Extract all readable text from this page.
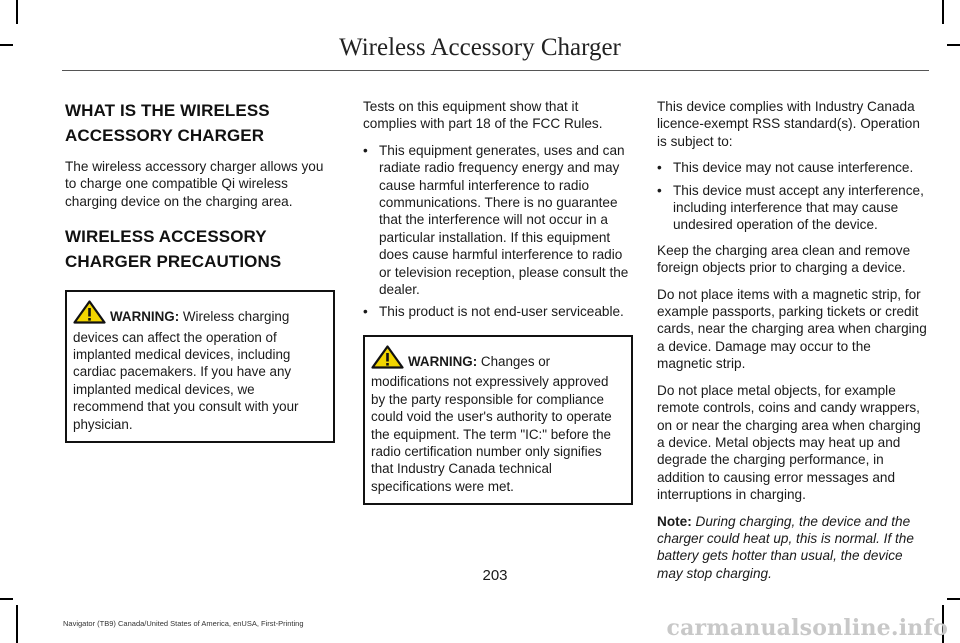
Wireless Accessory Charger
WHAT IS THE WIRELESS ACCESSORY CHARGER

The wireless accessory charger allows you to charge one compatible Qi wireless charging device on the charging area.

WIRELESS ACCESSORY CHARGER PRECAUTIONS
WARNING: Wireless charging devices can affect the operation of implanted medical devices, including cardiac pacemakers. If you have any implanted medical devices, we recommend that you consult with your physician.

Tests on this equipment show that it complies with part 18 of the FCC Rules.

• This equipment generates, uses and can radiate radio frequency energy and may cause harmful interference to radio communications. There is no guarantee that the interference will not occur in a particular installation. If this equipment does cause harmful interference to radio or television reception, please consult the dealer.
• This product is not end-user serviceable.
WARNING: Changes or modifications not expressively approved by the party responsible for compliance could void the user's authority to operate the equipment. The term "IC:" before the radio certification number only signifies that Industry Canada technical specifications were met.

This device complies with Industry Canada licence-exempt RSS standard(s). Operation is subject to:

• This device may not cause interference.
• This device must accept any interference, including interference that may cause undesired operation of the device.

Keep the charging area clean and remove foreign objects prior to charging a device.

Do not place items with a magnetic strip, for example passports, parking tickets or credit cards, near the charging area when charging a device. Damage may occur to the magnetic strip.

Do not place metal objects, for example remote controls, coins and candy wrappers, on or near the charging area when charging a device. Metal objects may heat up and degrade the charging performance, in addition to causing error messages and interruptions in charging.

Note: During charging, the device and the charger could heat up, this is normal. If the battery gets hotter than usual, the device may stop charging.

203
Navigator (TB9) Canada/United States of America, enUSA, First-Printing	carmanualsonline.info
